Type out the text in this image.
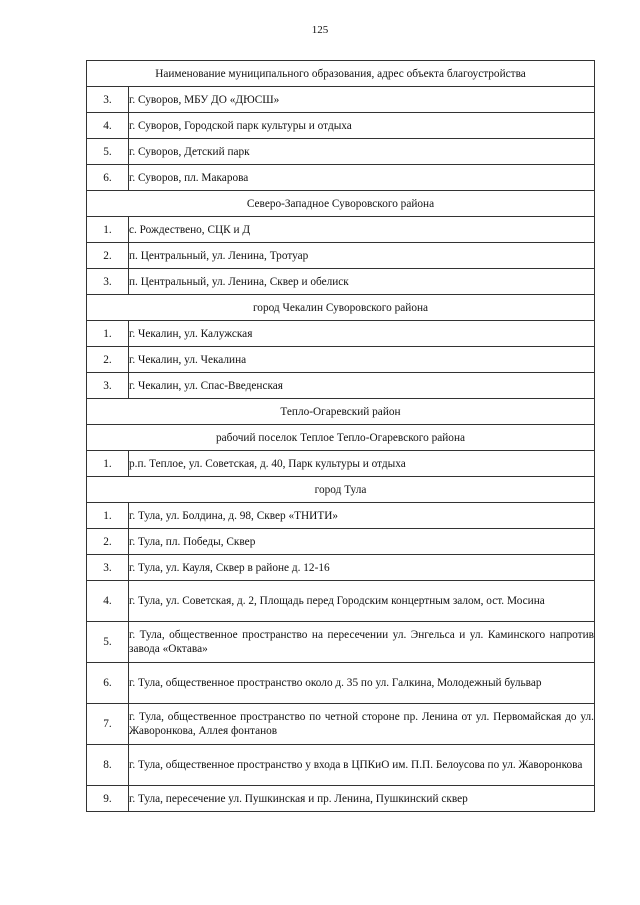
125
Наименование муниципального образования, адрес объекта благоустройства	
3.	г. Суворов, МБУ ДО «ДЮСШ»
4.	г. Суворов, Городской парк культуры и отдыха
5.	г. Суворов, Детский парк
6.	г. Суворов, пл. Макарова
Северо-Западное Суворовского района	
1.	с. Рождествено, СЦК и Д
2.	п. Центральный, ул. Ленина, Тротуар
3.	п. Центральный, ул. Ленина, Сквер и обелиск
город Чекалин Суворовского района	
1.	г. Чекалин, ул. Калужская
2.	г. Чекалин, ул. Чекалина
3.	г. Чекалин, ул. Спас-Введенская
Тепло-Огаревский район	
рабочий поселок Теплое Тепло-Огаревского района	
1.	р.п. Теплое, ул. Советская, д. 40, Парк культуры и отдыха
город Тула	
1.	г. Тула, ул. Болдина, д. 98, Сквер «ТНИТИ»
2.	г. Тула, пл. Победы, Сквер
3.	г. Тула, ул. Кауля, Сквер в районе д. 12-16
4.	г. Тула, ул. Советская, д. 2, Площадь перед Городским концертным залом, ост. Мосина
5.	г. Тула, общественное пространство на пересечении ул. Энгельса и ул. Каминского напротив завода «Октава»
6.	г. Тула, общественное пространство около д. 35 по ул. Галкина, Молодежный бульвар
7.	г. Тула, общественное пространство по четной стороне пр. Ленина от ул. Первомайская до ул. Жаворонкова, Аллея фонтанов
8.	г. Тула, общественное пространство у входа в ЦПКиО им. П.П. Белоусова по ул. Жаворонкова
9.	г. Тула, пересечение ул. Пушкинская и пр. Ленина, Пушкинский сквер
